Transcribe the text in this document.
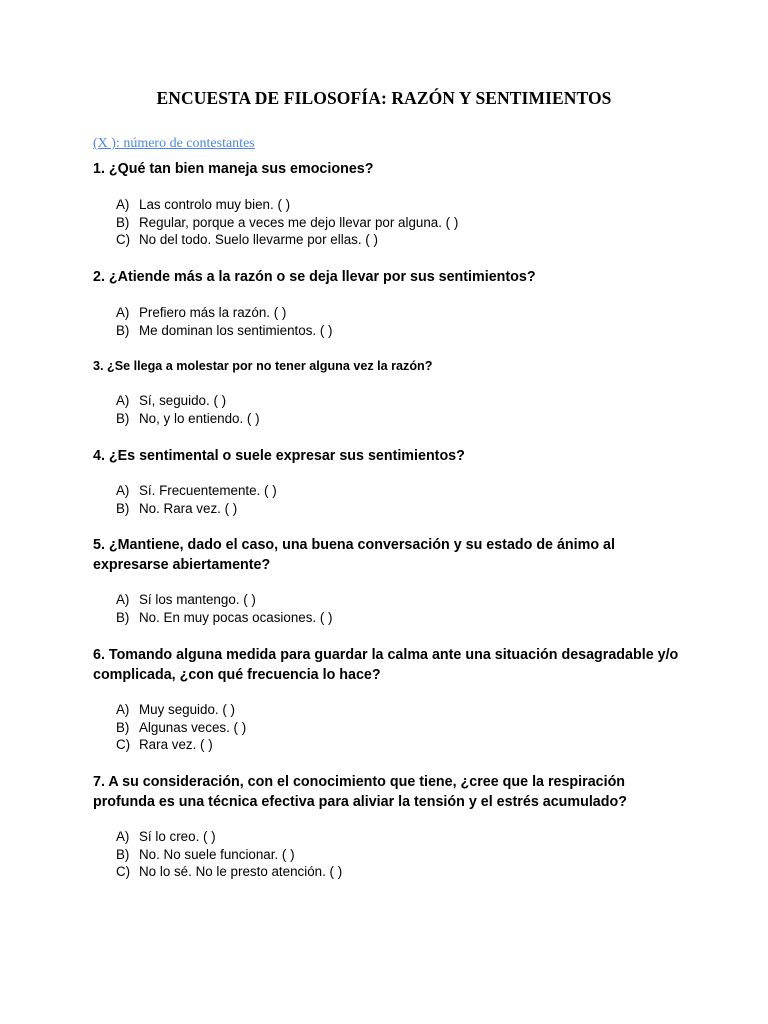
ENCUESTA DE FILOSOFÍA: RAZÓN Y SENTIMIENTOS

(X ): número de contestantes

1. ¿Qué tan bien maneja sus emociones?

A) Las controlo muy bien. ( )
B) Regular, porque a veces me dejo llevar por alguna. ( )
C) No del todo. Suelo llevarme por ellas. ( )

2. ¿Atiende más a la razón o se deja llevar por sus sentimientos?

A) Prefiero más la razón. ( )
B) Me dominan los sentimientos. ( )

3. ¿Se llega a molestar por no tener alguna vez la razón?

A) Sí, seguido. ( )
B) No, y lo entiendo. ( )

4. ¿Es sentimental o suele expresar sus sentimientos?

A) Sí. Frecuentemente. ( )
B) No. Rara vez. ( )

5. ¿Mantiene, dado el caso, una buena conversación y su estado de ánimo al expresarse abiertamente?

A) Sí los mantengo. ( )
B) No. En muy pocas ocasiones. ( )

6. Tomando alguna medida para guardar la calma ante una situación desagradable y/o complicada, ¿con qué frecuencia lo hace?

A) Muy seguido. ( )
B) Algunas veces. ( )
C) Rara vez. ( )

7. A su consideración, con el conocimiento que tiene, ¿cree que la respiración profunda es una técnica efectiva para aliviar la tensión y el estrés acumulado?

A) Sí lo creo. ( )
B) No. No suele funcionar. ( )
C) No lo sé. No le presto atención. ( )
